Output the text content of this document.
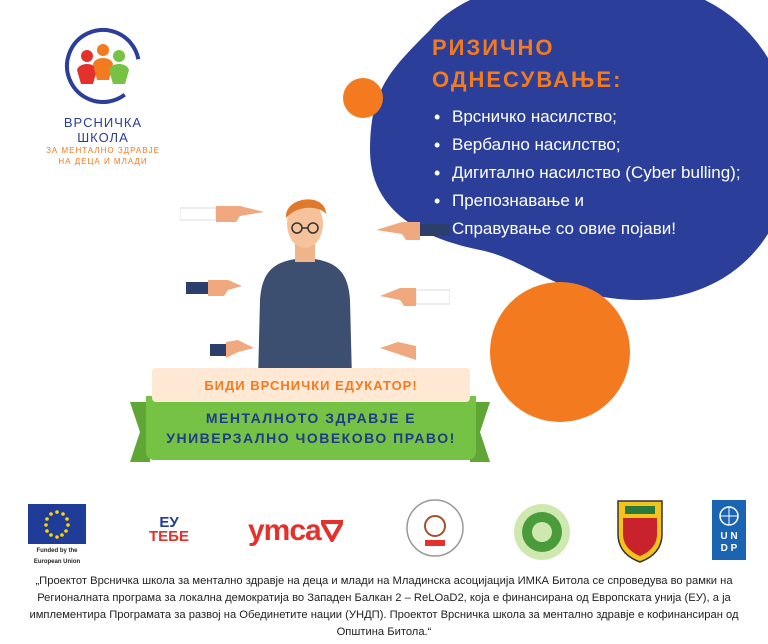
ВРСНИЧКА ШКОЛА
ЗА МЕНТАЛНО ЗДРАВЈЕ
НА ДЕЦА И МЛАДИ
РИЗИЧНО
ОДНЕСУВАЊЕ:
• Врсничко насилство;
• Вербално насилство;
• Дигитално насилство (Cyber bulling);
• Препознавање и
• Справување со овие појави!
БИДИ ВРСНИЧКИ ЕДУКАТОР!
МЕНТАЛНОТО ЗДРАВЈЕ Е
УНИВЕРЗАЛНО ЧОВЕКОВО ПРАВО!
Funded by the
European Union
ЕУ
ТЕБЕ ymca	U N
D P
„Проектот Врсничка школа за ментално здравје на деца и млади на Младинска асоцијација ИМКА Битола се спроведува во рамки на Регионалната програма за локална демократија во Западен Балкан 2 – ReLOaD2, која е финансирана од Европската унија (ЕУ), а ја имплементира Програмата за развој на Обединетите нации (УНДП). Проектот Врсничка школа за ментално здравје е кофинансиран од Општина Битола.“
